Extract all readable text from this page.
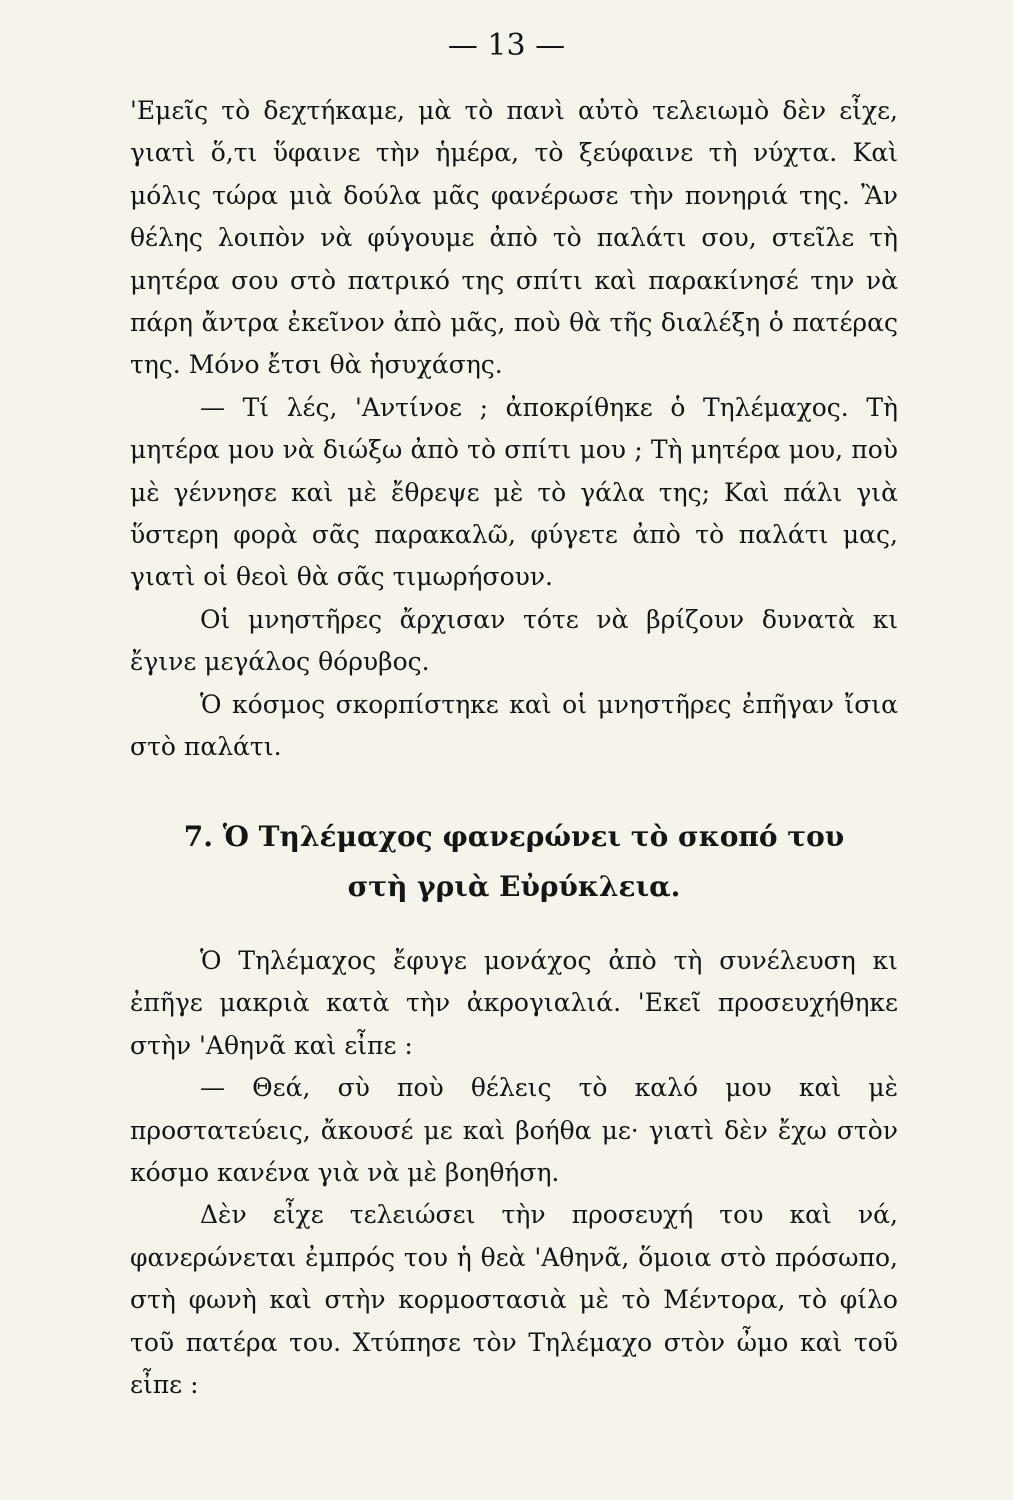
— 13 —

'Εμεῖς τὸ δεχτήκαμε, μὰ τὸ πανὶ αὐτὸ τελειωμὸ δὲν εἶχε, γιατὶ ὅ,τι ὕφαινε τὴν ἡμέρα, τὸ ξεύφαινε τὴ νύχτα. Καὶ μόλις τώρα μιὰ δούλα μᾶς φανέρωσε τὴν πονηριά της. Ἂν θέλης λοιπὸν νὰ φύγουμε ἀπὸ τὸ παλάτι σου, στεῖλε τὴ μητέρα σου στὸ πατρικό της σπίτι καὶ παρακίνησέ την νὰ πάρη ἄντρα ἐκεῖνον ἀπὸ μᾶς, ποὺ θὰ τῆς διαλέξη ὁ πατέρας της. Μόνο ἔτσι θὰ ἡσυχάσης.

— Τί λές, 'Αντίνοε ; ἀποκρίθηκε ὁ Τηλέμαχος. Τὴ μητέρα μου νὰ διώξω ἀπὸ τὸ σπίτι μου ; Τὴ μητέρα μου, ποὺ μὲ γέννησε καὶ μὲ ἔθρεψε μὲ τὸ γάλα της; Καὶ πάλι γιὰ ὕστερη φορὰ σᾶς παρακαλῶ, φύγετε ἀπὸ τὸ παλάτι μας, γιατὶ οἱ θεοὶ θὰ σᾶς τιμωρήσουν.

Οἱ μνηστῆρες ἄρχισαν τότε νὰ βρίζουν δυνατὰ κι ἔγινε μεγάλος θόρυβος.

Ὁ κόσμος σκορπίστηκε καὶ οἱ μνηστῆρες ἐπῆγαν ἴσια στὸ παλάτι.

7. Ὁ Τηλέμαχος φανερώνει τὸ σκοπό του
στὴ γριὰ Εὐρύκλεια.

Ὁ Τηλέμαχος ἔφυγε μονάχος ἀπὸ τὴ συνέλευση κι ἐπῆγε μακριὰ κατὰ τὴν ἀκρογιαλιά. 'Εκεῖ προσευχήθηκε στὴν 'Αθηνᾶ καὶ εἶπε :

— Θεά, σὺ ποὺ θέλεις τὸ καλό μου καὶ μὲ προστατεύεις, ἄκουσέ με καὶ βοήθα με· γιατὶ δὲν ἔχω στὸν κόσμο κανένα γιὰ νὰ μὲ βοηθήση.

Δὲν εἶχε τελειώσει τὴν προσευχή του καὶ νά, φανερώνεται ἐμπρός του ἡ θεὰ 'Αθηνᾶ, ὅμοια στὸ πρόσωπο, στὴ φωνὴ καὶ στὴν κορμοστασιὰ μὲ τὸ Μέντορα, τὸ φίλο τοῦ πατέρα του. Χτύπησε τὸν Τηλέμαχο στὸν ὦμο καὶ τοῦ εἶπε :
